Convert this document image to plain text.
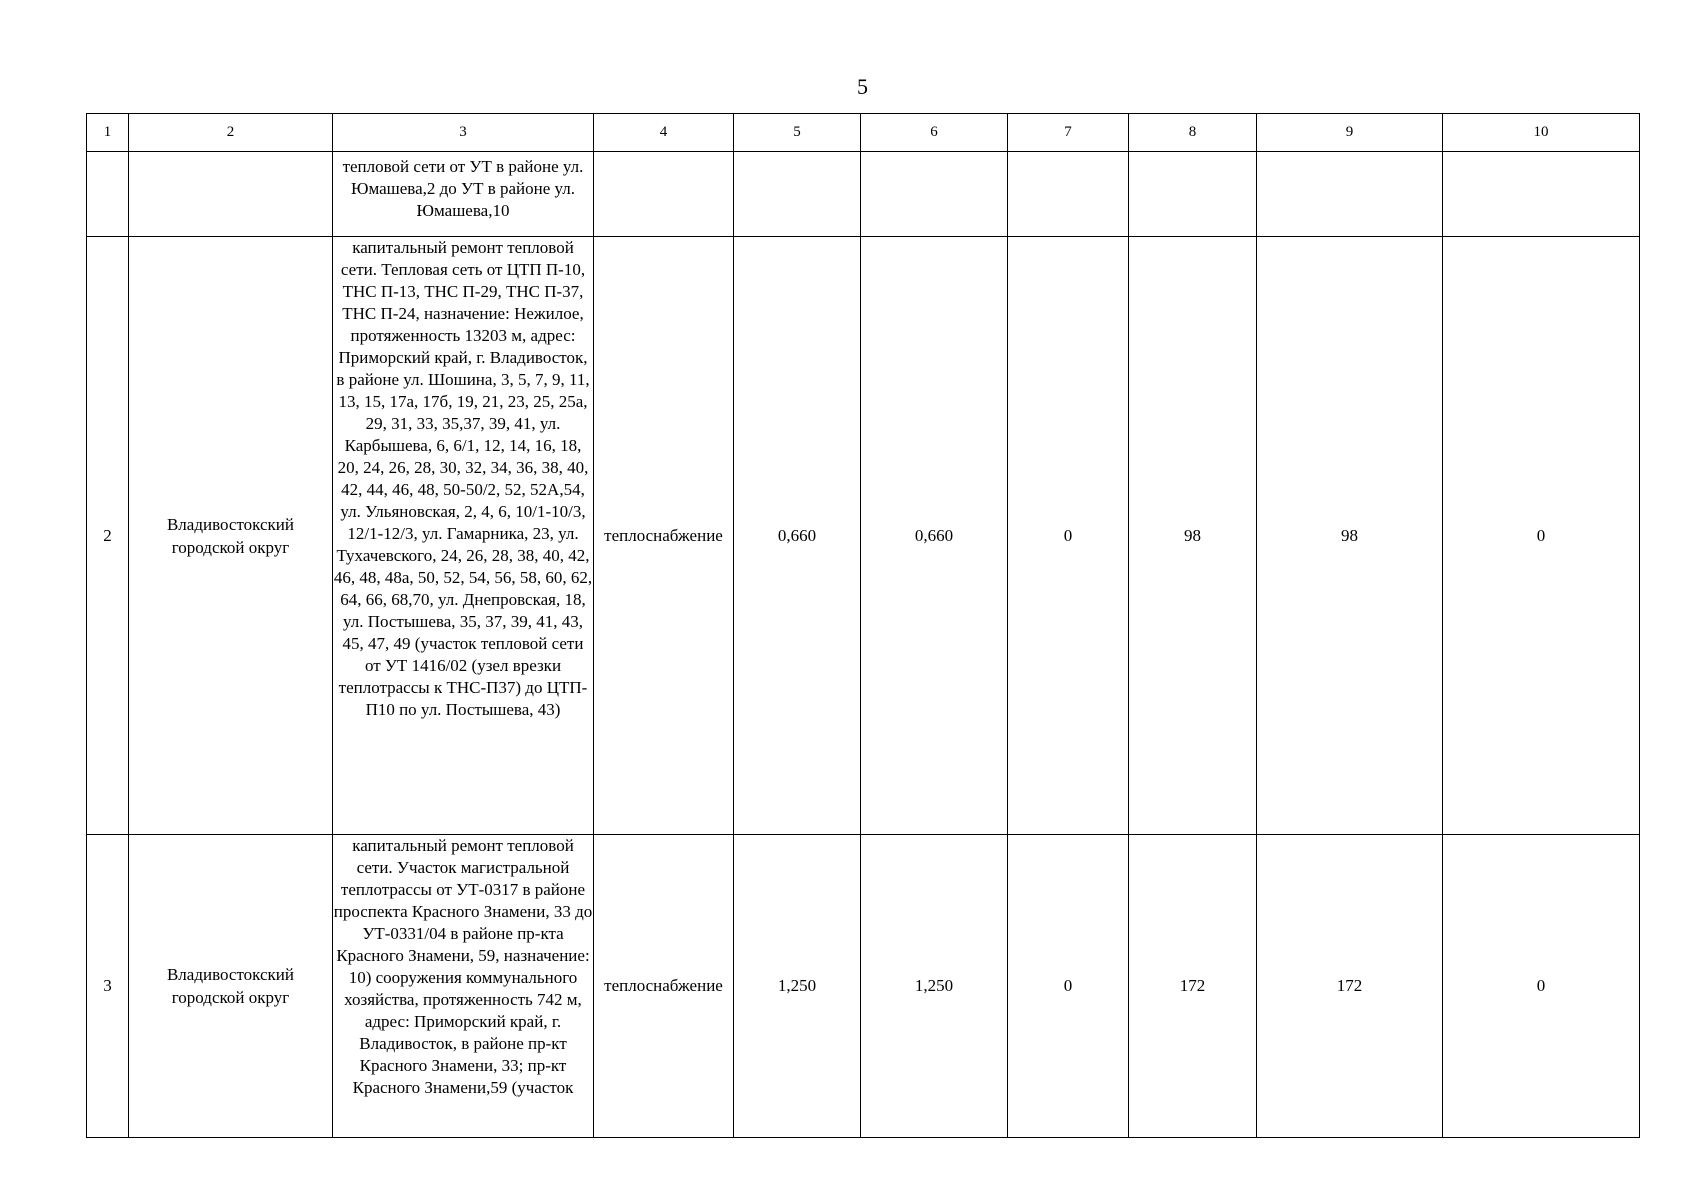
5
1	2	3	4	5	6	7	8	9	10
		тепловой сети от УТ в районе ул. Юмашева,2 до УТ в районе ул. Юмашева,10							
2	Владивостокский городской округ	капитальный ремонт тепловой сети. Тепловая сеть от ЦТП П-10, ТНС П-13, ТНС П-29, ТНС П-37, ТНС П-24, назначение: Нежилое, протяженность 13203 м, адрес: Приморский край, г. Владивосток, в районе ул. Шошина, 3, 5, 7, 9, 11, 13, 15, 17а, 17б, 19, 21, 23, 25, 25а, 29, 31, 33, 35,37, 39, 41, ул. Карбышева, 6, 6/1, 12, 14, 16, 18, 20, 24, 26, 28, 30, 32, 34, 36, 38, 40, 42, 44, 46, 48, 50-50/2, 52, 52А,54, ул. Ульяновская, 2, 4, 6, 10/1-10/3, 12/1-12/3, ул. Гамарника, 23, ул. Тухачевского, 24, 26, 28, 38, 40, 42, 46, 48, 48а, 50, 52, 54, 56, 58, 60, 62, 64, 66, 68,70, ул. Днепровская, 18, ул. Постышева, 35, 37, 39, 41, 43, 45, 47, 49 (участок тепловой сети от УТ 1416/02 (узел врезки теплотрассы к ТНС-П37) до ЦТП-П10 по ул. Постышева, 43)	теплоснабжение	0,660	0,660	0	98	98	0
3	Владивостокский городской округ	капитальный ремонт тепловой сети. Участок магистральной теплотрассы от УТ-0317 в районе проспекта Красного Знамени, 33 до УТ-0331/04 в районе пр-кта Красного Знамени, 59, назначение: 10) сооружения коммунального хозяйства, протяженность 742 м, адрес: Приморский край, г. Владивосток, в районе пр-кт Красного Знамени, 33; пр-кт Красного Знамени,59 (участок	теплоснабжение	1,250	1,250	0	172	172	0
